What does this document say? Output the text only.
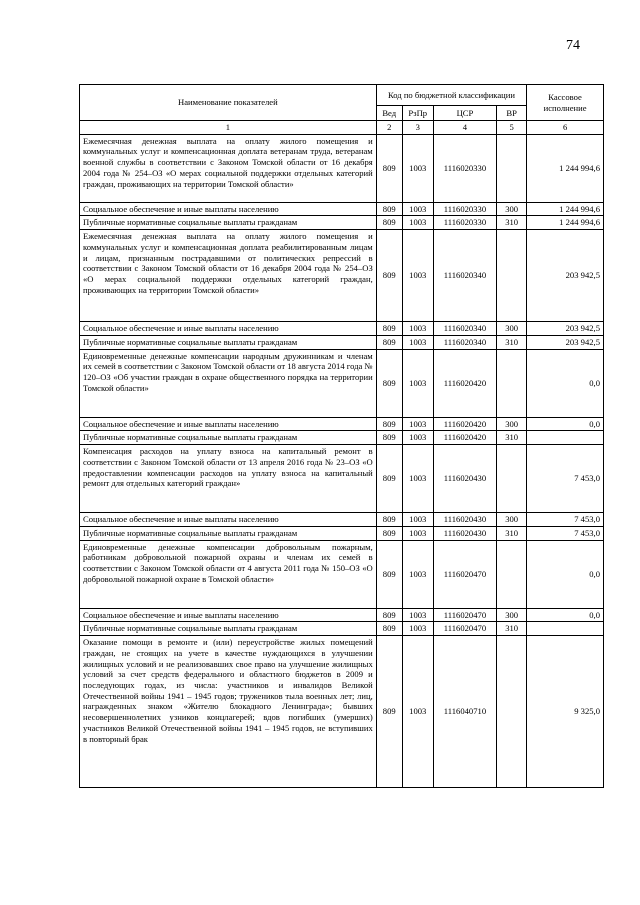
74
Наименование показателей	Код по бюджетной классификации				Кассовое исполнение
	Вед	РзПр	ЦСР	ВР	
1	2	3	4	5	6
Ежемесячная денежная выплата на оплату жилого помещения и коммунальных услуг и компенсационная доплата ветеранам труда, ветеранам военной службы в соответствии с Законом Томской области от 16 декабря 2004 года № 254–ОЗ «О мерах социальной поддержки отдельных категорий граждан, проживающих на территории Томской области»	809	1003	1116020330		1 244 994,6
Социальное обеспечение и иные выплаты населению	809	1003	1116020330	300	1 244 994,6
Публичные нормативные социальные выплаты гражданам	809	1003	1116020330	310	1 244 994,6
Ежемесячная денежная выплата на оплату жилого помещения и коммунальных услуг и компенсационная доплата реабилитированным лицам и лицам, признанным пострадавшими от политических репрессий в соответствии с Законом Томской области от 16 декабря 2004 года № 254–ОЗ «О мерах социальной поддержки отдельных категорий граждан, проживающих на территории Томской области»	809	1003	1116020340		203 942,5
Социальное обеспечение и иные выплаты населению	809	1003	1116020340	300	203 942,5
Публичные нормативные социальные выплаты гражданам	809	1003	1116020340	310	203 942,5
Единовременные денежные компенсации народным дружинникам и членам их семей в соответствии с Законом Томской области от 18 августа 2014 года № 120–ОЗ «Об участии граждан в охране общественного порядка на территории Томской области»	809	1003	1116020420		0,0
Социальное обеспечение и иные выплаты населению	809	1003	1116020420	300	0,0
Публичные нормативные социальные выплаты гражданам	809	1003	1116020420	310	
Компенсация расходов на уплату взноса на капитальный ремонт в соответствии с Законом Томской области от 13 апреля 2016 года № 23–ОЗ «О предоставлении компенсации расходов на уплату взноса на капитальный ремонт для отдельных категорий граждан»	809	1003	1116020430		7 453,0
Социальное обеспечение и иные выплаты населению	809	1003	1116020430	300	7 453,0
Публичные нормативные социальные выплаты гражданам	809	1003	1116020430	310	7 453,0
Единовременные денежные компенсации добровольным пожарным, работникам добровольной пожарной охраны и членам их семей в соответствии с Законом Томской области от 4 августа 2011 года № 150–ОЗ «О добровольной пожарной охране в Томской области»	809	1003	1116020470		0,0
Социальное обеспечение и иные выплаты населению	809	1003	1116020470	300	0,0
Публичные нормативные социальные выплаты гражданам	809	1003	1116020470	310	
Оказание помощи в ремонте и (или) переустройстве жилых помещений граждан, не стоящих на учете в качестве нуждающихся в улучшении жилищных условий и не реализовавших свое право на улучшение жилищных условий за счет средств федерального и областного бюджетов в 2009 и последующих годах, из числа: участников и инвалидов Великой Отечественной войны 1941 – 1945 годов; тружеников тыла военных лет; лиц, награжденных знаком «Жителю блокадного Ленинграда»; бывших несовершеннолетних узников концлагерей; вдов погибших (умерших) участников Великой Отечественной войны 1941 – 1945 годов, не вступивших в повторный брак	809	1003	1116040710		9 325,0
